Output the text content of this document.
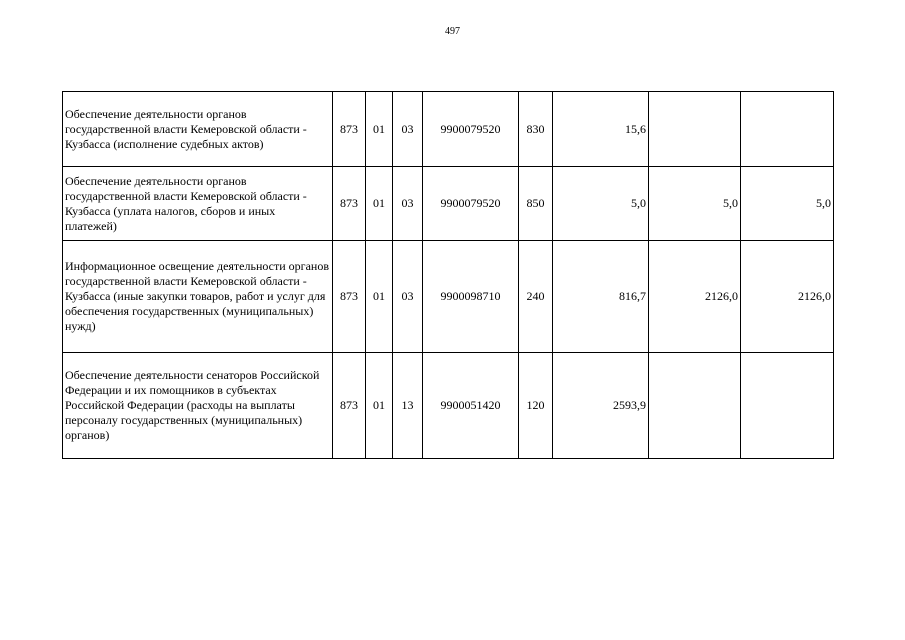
497
Обеспечение деятельности органов государственной власти Кемеровской области - Кузбасса (исполнение судебных актов)	873	01	03	9900079520	830	15,6		
Обеспечение деятельности органов государственной власти Кемеровской области - Кузбасса (уплата налогов, сборов и иных платежей)	873	01	03	9900079520	850	5,0	5,0	5,0
Информационное освещение деятельности органов государственной власти Кемеровской области - Кузбасса (иные закупки товаров, работ и услуг для обеспечения государственных (муниципальных) нужд)	873	01	03	9900098710	240	816,7	2126,0	2126,0
Обеспечение деятельности сенаторов Российской Федерации и их помощников в субъектах Российской Федерации (расходы на выплаты персоналу государственных (муниципальных) органов)	873	01	13	9900051420	120	2593,9		
